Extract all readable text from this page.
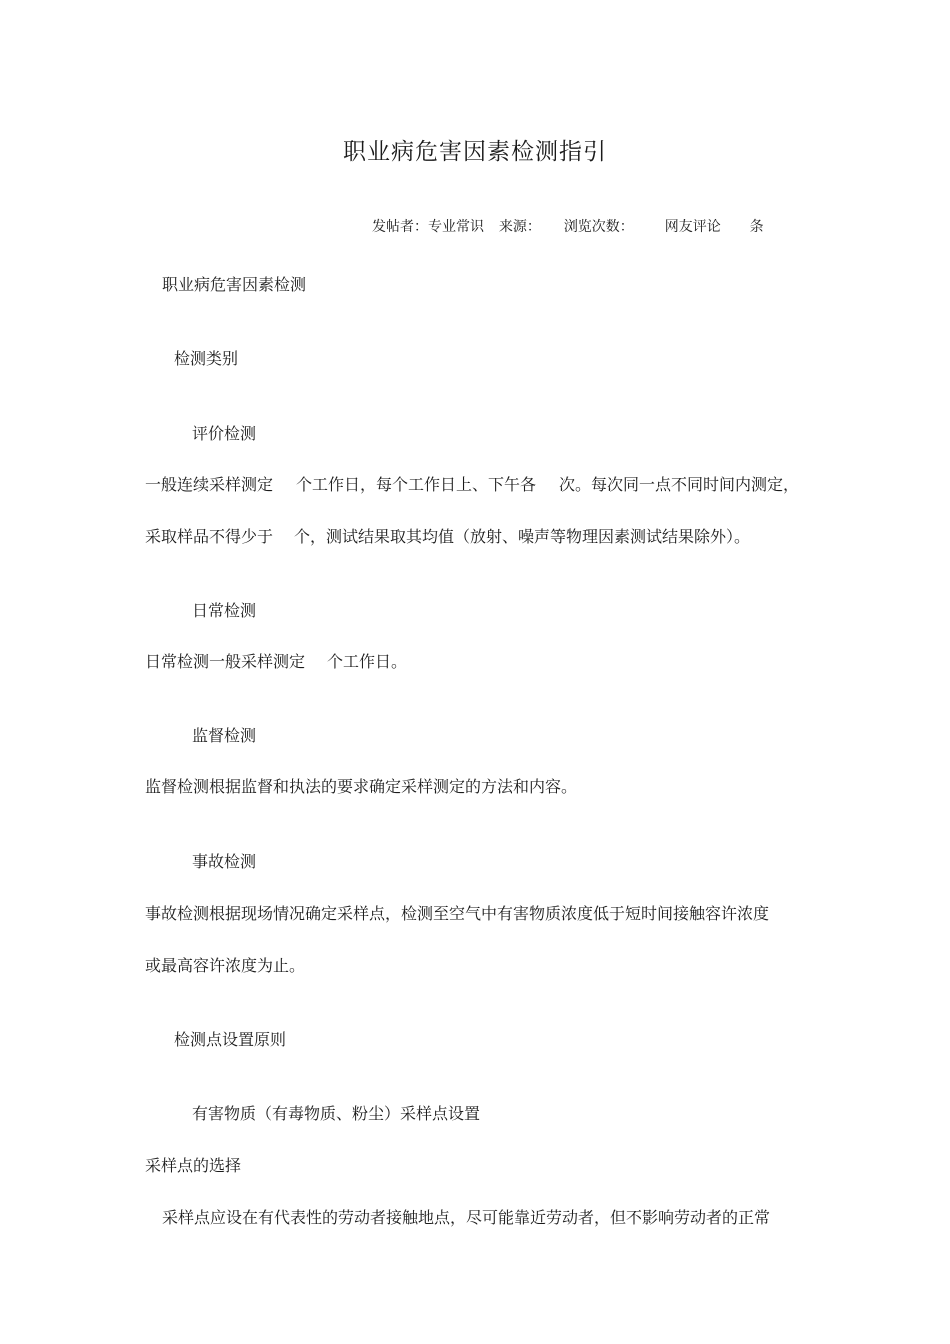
职业病危害因素检测指引
发帖者：专业常识 来源： 浏览次数： 网友评论 条

职业病危害因素检测

检测类别

评价检测

一般连续采样测定 个工作日，每个工作日上、下午各 次。每次同一点不同时间内测定，

采取样品不得少于 个，测试结果取其均值（放射、噪声等物理因素测试结果除外）。

日常检测

日常检测一般采样测定 个工作日。

监督检测

监督检测根据监督和执法的要求确定采样测定的方法和内容。

事故检测

事故检测根据现场情况确定采样点，检测至空气中有害物质浓度低于短时间接触容许浓度

或最高容许浓度为止。

检测点设置原则

有害物质（有毒物质、粉尘）采样点设置

采样点的选择

采样点应设在有代表性的劳动者接触地点，尽可能靠近劳动者，但不影响劳动者的正常
